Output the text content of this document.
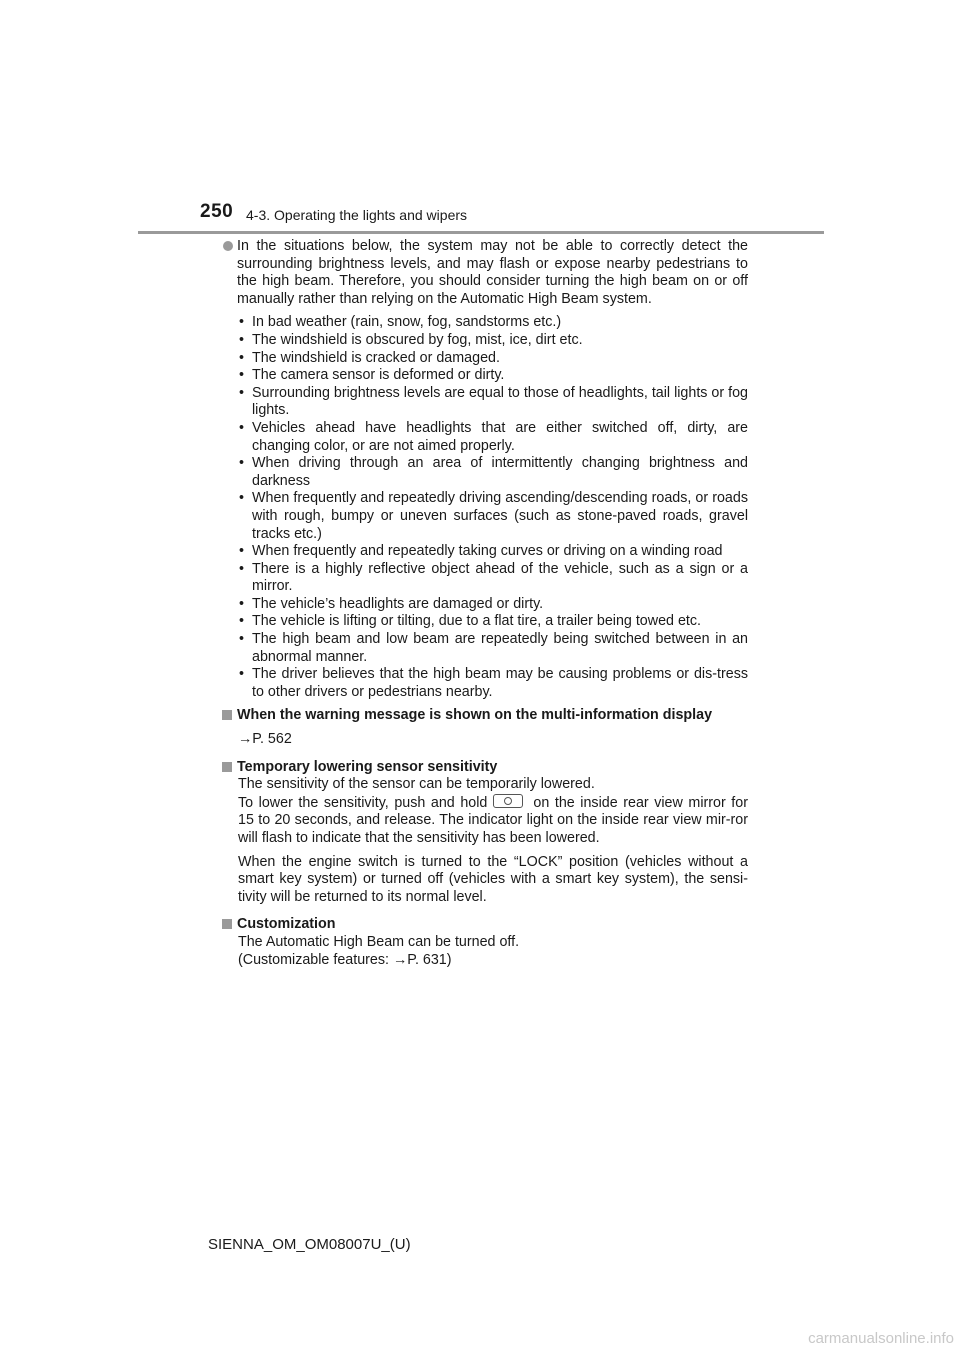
250 4-3. Operating the lights and wipers

In the situations below, the system may not be able to correctly detect the surrounding brightness levels, and may flash or expose nearby pedestrians to the high beam. Therefore, you should consider turning the high beam on or off manually rather than relying on the Automatic High Beam system.

• In bad weather (rain, snow, fog, sandstorms etc.)
• The windshield is obscured by fog, mist, ice, dirt etc.
• The windshield is cracked or damaged.
• The camera sensor is deformed or dirty.
• Surrounding brightness levels are equal to those of headlights, tail lights or fog lights.
• Vehicles ahead have headlights that are either switched off, dirty, are changing color, or are not aimed properly.
• When driving through an area of intermittently changing brightness and darkness
• When frequently and repeatedly driving ascending/descending roads, or roads with rough, bumpy or uneven surfaces (such as stone-paved roads, gravel tracks etc.)
• When frequently and repeatedly taking curves or driving on a winding road
• There is a highly reflective object ahead of the vehicle, such as a sign or a mirror.
• The vehicle’s headlights are damaged or dirty.
• The vehicle is lifting or tilting, due to a flat tire, a trailer being towed etc.
• The high beam and low beam are repeatedly being switched between in an abnormal manner.
• The driver believes that the high beam may be causing problems or dis-tress to other drivers or pedestrians nearby.
When the warning message is shown on the multi-information display

→P. 562

Temporary lowering sensor sensitivity

The sensitivity of the sensor can be temporarily lowered.
To lower the sensitivity, push and hold	on the inside rear view mirror for 15 to 20 seconds, and release. The indicator light on the inside rear view mir-ror will flash to indicate that the sensitivity has been lowered.

When the engine switch is turned to the “LOCK” position (vehicles without a smart key system) or turned off (vehicles with a smart key system), the sensi-tivity will be returned to its normal level.

Customization

The Automatic High Beam can be turned off.
(Customizable features: →P. 631)

SIENNA_OM_OM08007U_(U)
carmanualsonline.info
